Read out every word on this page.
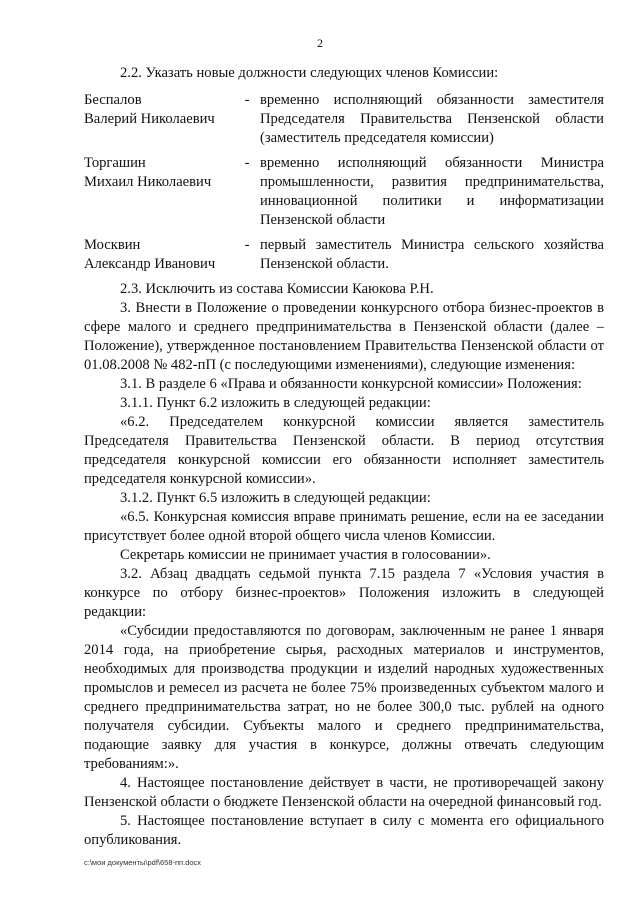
2

2.2. Указать новые должности следующих членов Комиссии:

Беспалов
Валерий Николаевич
- временно исполняющий обязанности заместителя Председателя Правительства Пензенской области (заместитель председателя комиссии)
Торгашин
Михаил Николаевич
- временно исполняющий обязанности Министра промышленности, развития предпринимательства, инновационной политики и информатизации Пензенской области
Москвин
Александр Иванович
- первый заместитель Министра сельского хозяйства Пензенской области.

2.3. Исключить из состава Комиссии Каюкова Р.Н.

3. Внести в Положение о проведении конкурсного отбора бизнес-проектов в сфере малого и среднего предпринимательства в Пензенской области (далее – Положение), утвержденное постановлением Правительства Пензенской области от 01.08.2008 № 482-пП (с последующими изменениями), следующие изменения:

3.1. В разделе 6 «Права и обязанности конкурсной комиссии» Положения:

3.1.1. Пункт 6.2 изложить в следующей редакции:

«6.2. Председателем конкурсной комиссии является заместитель Председателя Правительства Пензенской области. В период отсутствия председателя конкурсной комиссии его обязанности исполняет заместитель председателя конкурсной комиссии».

3.1.2. Пункт 6.5 изложить в следующей редакции:

«6.5. Конкурсная комиссия вправе принимать решение, если на ее заседании присутствует более одной второй общего числа членов Комиссии.

Секретарь комиссии не принимает участия в голосовании».

3.2. Абзац двадцать седьмой пункта 7.15 раздела 7 «Условия участия в конкурсе по отбору бизнес-проектов» Положения изложить в следующей редакции:

«Субсидии предоставляются по договорам, заключенным не ранее 1 января 2014 года, на приобретение сырья, расходных материалов и инструментов, необходимых для производства продукции и изделий народных художественных промыслов и ремесел из расчета не более 75% произведенных субъектом малого и среднего предпринимательства затрат, но не более 300,0 тыс. рублей на одного получателя субсидии. Субъекты малого и среднего предпринимательства, подающие заявку для участия в конкурсе, должны отвечать следующим требованиям:».

4. Настоящее постановление действует в части, не противоречащей закону Пензенской области о бюджете Пензенской области на очередной финансовый год.

5. Настоящее постановление вступает в силу с момента его официального опубликования.

c:\мои документы\pdf\658-пп.docx
